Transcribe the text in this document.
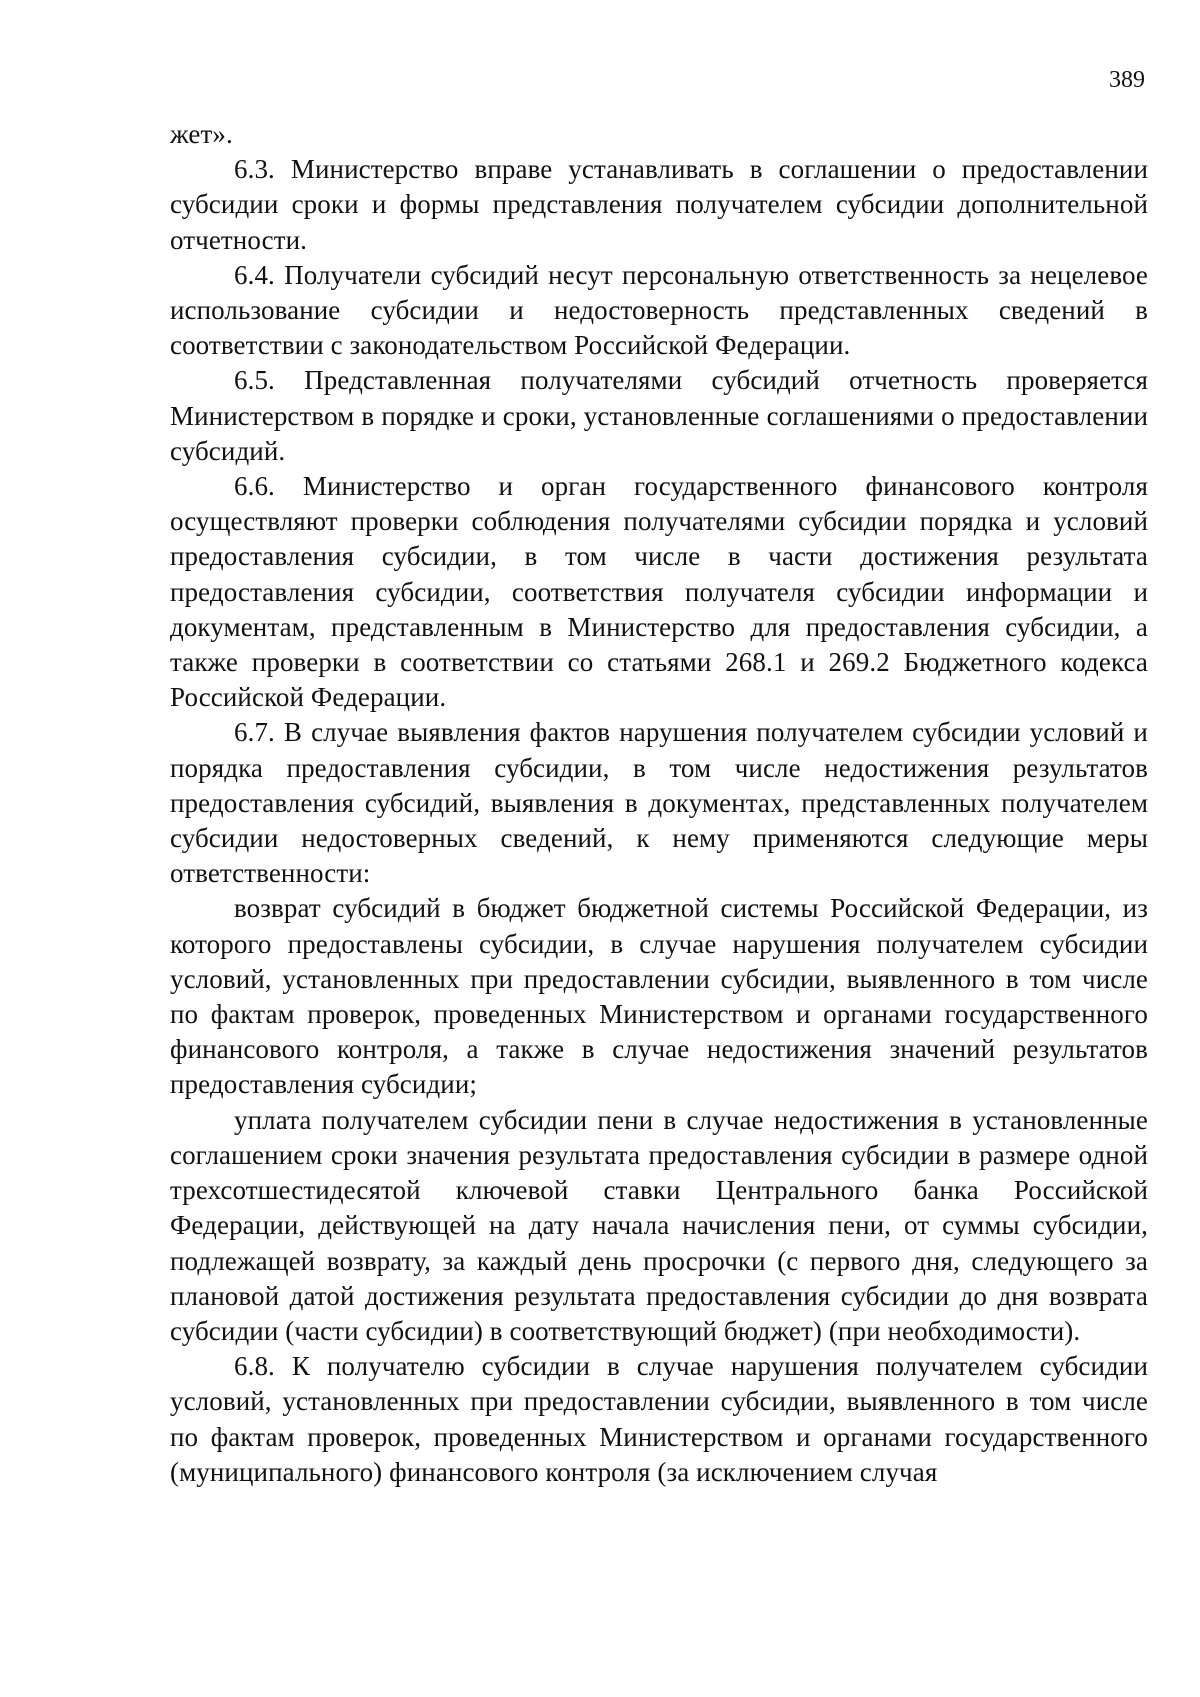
389

жет».

6.3. Министерство вправе устанавливать в соглашении о предоставлении субсидии сроки и формы представления получателем субсидии дополнительной отчетности.

6.4. Получатели субсидий несут персональную ответственность за нецелевое использование субсидии и недостоверность представленных сведений в соответствии с законодательством Российской Федерации.

6.5. Представленная получателями субсидий отчетность проверяется Министерством в порядке и сроки, установленные соглашениями о предоставлении субсидий.

6.6. Министерство и орган государственного финансового контроля осуществляют проверки соблюдения получателями субсидии порядка и условий предоставления субсидии, в том числе в части достижения результата предоставления субсидии, соответствия получателя субсидии информации и документам, представленным в Министерство для предоставления субсидии, а также проверки в соответствии со статьями 268.1 и 269.2 Бюджетного кодекса Российской Федерации.

6.7. В случае выявления фактов нарушения получателем субсидии условий и порядка предоставления субсидии, в том числе недостижения результатов предоставления субсидий, выявления в документах, представленных получателем субсидии недостоверных сведений, к нему применяются следующие меры ответственности:

возврат субсидий в бюджет бюджетной системы Российской Федерации, из которого предоставлены субсидии, в случае нарушения получателем субсидии условий, установленных при предоставлении субсидии, выявленного в том числе по фактам проверок, проведенных Министерством и органами государственного финансового контроля, а также в случае недостижения значений результатов предоставления субсидии;

уплата получателем субсидии пени в случае недостижения в установленные соглашением сроки значения результата предоставления субсидии в размере одной трехсотшестидесятой ключевой ставки Центрального банка Российской Федерации, действующей на дату начала начисления пени, от суммы субсидии, подлежащей возврату, за каждый день просрочки (с первого дня, следующего за плановой датой достижения результата предоставления субсидии до дня возврата субсидии (части субсидии) в соответствующий бюджет) (при необходимости).

6.8. К получателю субсидии в случае нарушения получателем субсидии условий, установленных при предоставлении субсидии, выявленного в том числе по фактам проверок, проведенных Министерством и органами государственного (муниципального) финансового контроля (за исключением случая
